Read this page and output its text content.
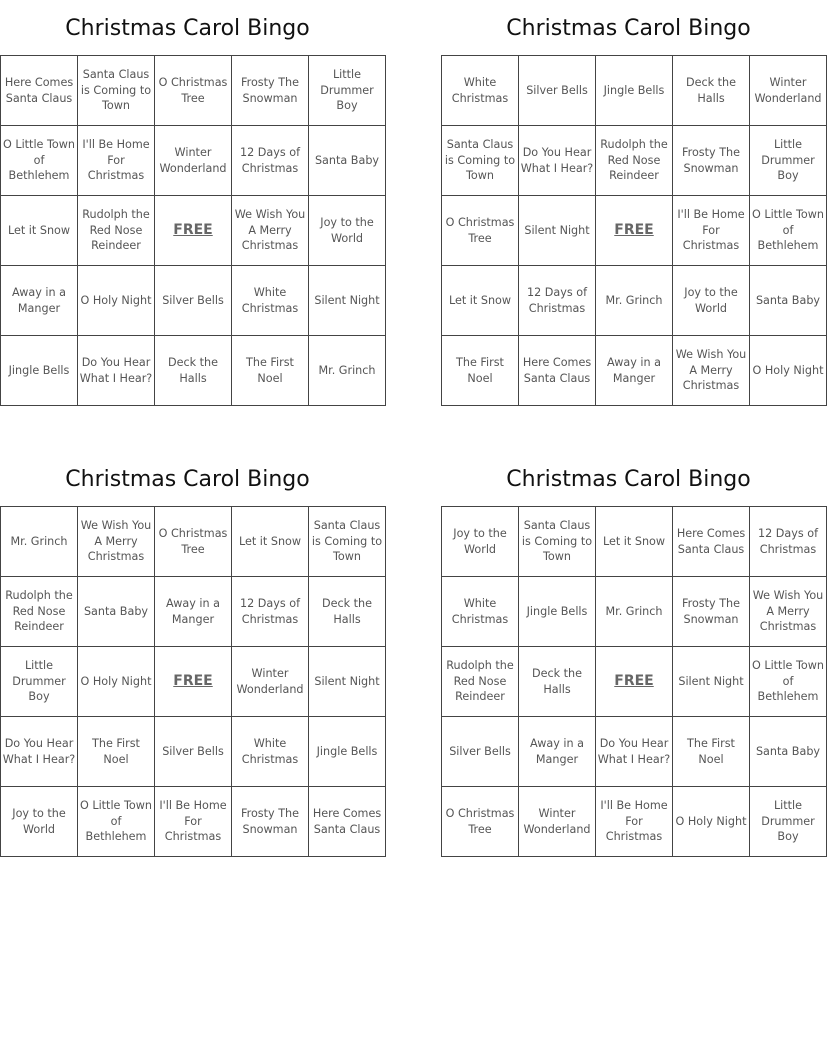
Christmas Carol Bingo
Here Comes Santa Claus	Santa Claus is Coming to Town	O Christmas Tree	Frosty The Snowman	Little Drummer Boy
O Little Town of Bethlehem	I'll Be Home For Christmas	Winter Wonderland	12 Days of Christmas	Santa Baby
Let it Snow	Rudolph the Red Nose Reindeer	FREE	We Wish You A Merry Christmas	Joy to the World
Away in a Manger	O Holy Night	Silver Bells	White Christmas	Silent Night
Jingle Bells	Do You Hear What I Hear?	Deck the Halls	The First Noel	Mr. Grinch
Christmas Carol Bingo
White Christmas	Silver Bells	Jingle Bells	Deck the Halls	Winter Wonderland
Santa Claus is Coming to Town	Do You Hear What I Hear?	Rudolph the Red Nose Reindeer	Frosty The Snowman	Little Drummer Boy
O Christmas Tree	Silent Night	FREE	I'll Be Home For Christmas	O Little Town of Bethlehem
Let it Snow	12 Days of Christmas	Mr. Grinch	Joy to the World	Santa Baby
The First Noel	Here Comes Santa Claus	Away in a Manger	We Wish You A Merry Christmas	O Holy Night
Christmas Carol Bingo
Mr. Grinch	We Wish You A Merry Christmas	O Christmas Tree	Let it Snow	Santa Claus is Coming to Town
Rudolph the Red Nose Reindeer	Santa Baby	Away in a Manger	12 Days of Christmas	Deck the Halls
Little Drummer Boy	O Holy Night	FREE	Winter Wonderland	Silent Night
Do You Hear What I Hear?	The First Noel	Silver Bells	White Christmas	Jingle Bells
Joy to the World	O Little Town of Bethlehem	I'll Be Home For Christmas	Frosty The Snowman	Here Comes Santa Claus
Christmas Carol Bingo
Joy to the World	Santa Claus is Coming to Town	Let it Snow	Here Comes Santa Claus	12 Days of Christmas
White Christmas	Jingle Bells	Mr. Grinch	Frosty The Snowman	We Wish You A Merry Christmas
Rudolph the Red Nose Reindeer	Deck the Halls	FREE	Silent Night	O Little Town of Bethlehem
Silver Bells	Away in a Manger	Do You Hear What I Hear?	The First Noel	Santa Baby
O Christmas Tree	Winter Wonderland	I'll Be Home For Christmas	O Holy Night	Little Drummer Boy
